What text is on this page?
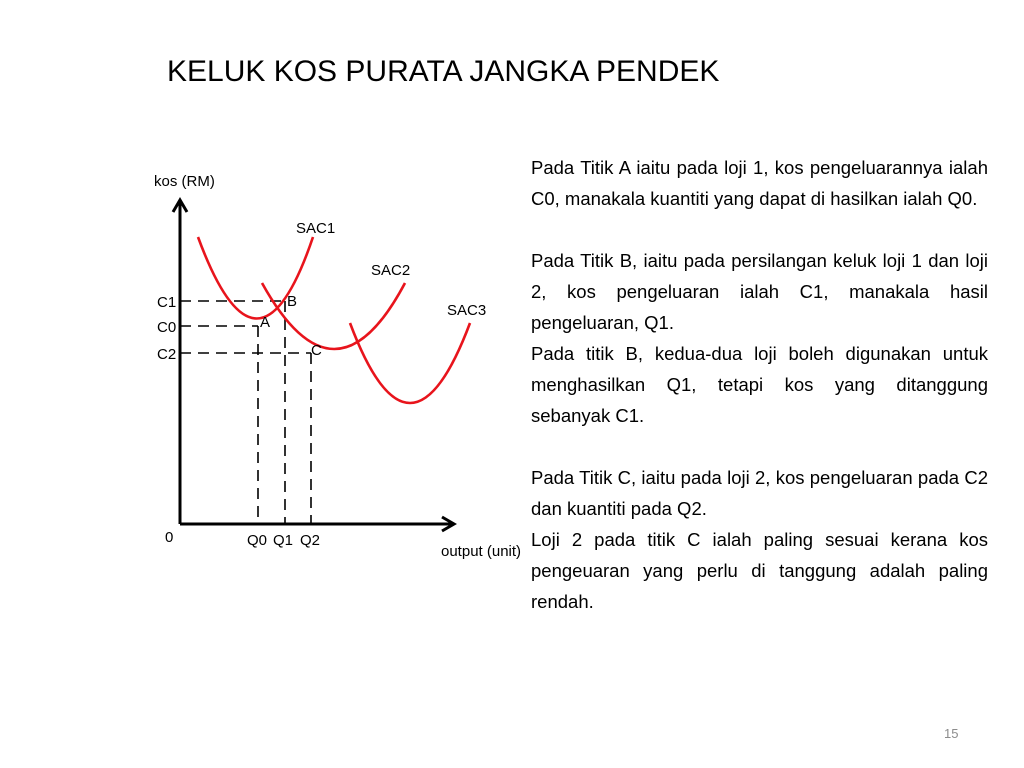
KELUK KOS PURATA JANGKA PENDEK
kos (RM)
output (unit)
0
SAC1
SAC2
SAC3
C1
C0
C2
Q0 Q1 Q2
A
B
C

Pada Titik A iaitu pada loji 1, kos pengeluarannya ialah C0, manakala kuantiti yang dapat di hasilkan ialah Q0.

Pada Titik B, iaitu pada persilangan keluk loji 1 dan loji 2, kos pengeluaran ialah C1, manakala hasil pengeluaran, Q1.

Pada titik B, kedua-dua loji boleh digunakan untuk menghasilkan Q1, tetapi kos yang ditanggung sebanyak C1.

Pada Titik C, iaitu pada loji 2, kos pengeluaran pada C2 dan kuantiti pada Q2.

Loji 2 pada titik C ialah paling sesuai kerana kos pengeuaran yang perlu di tanggung adalah paling rendah.

15
